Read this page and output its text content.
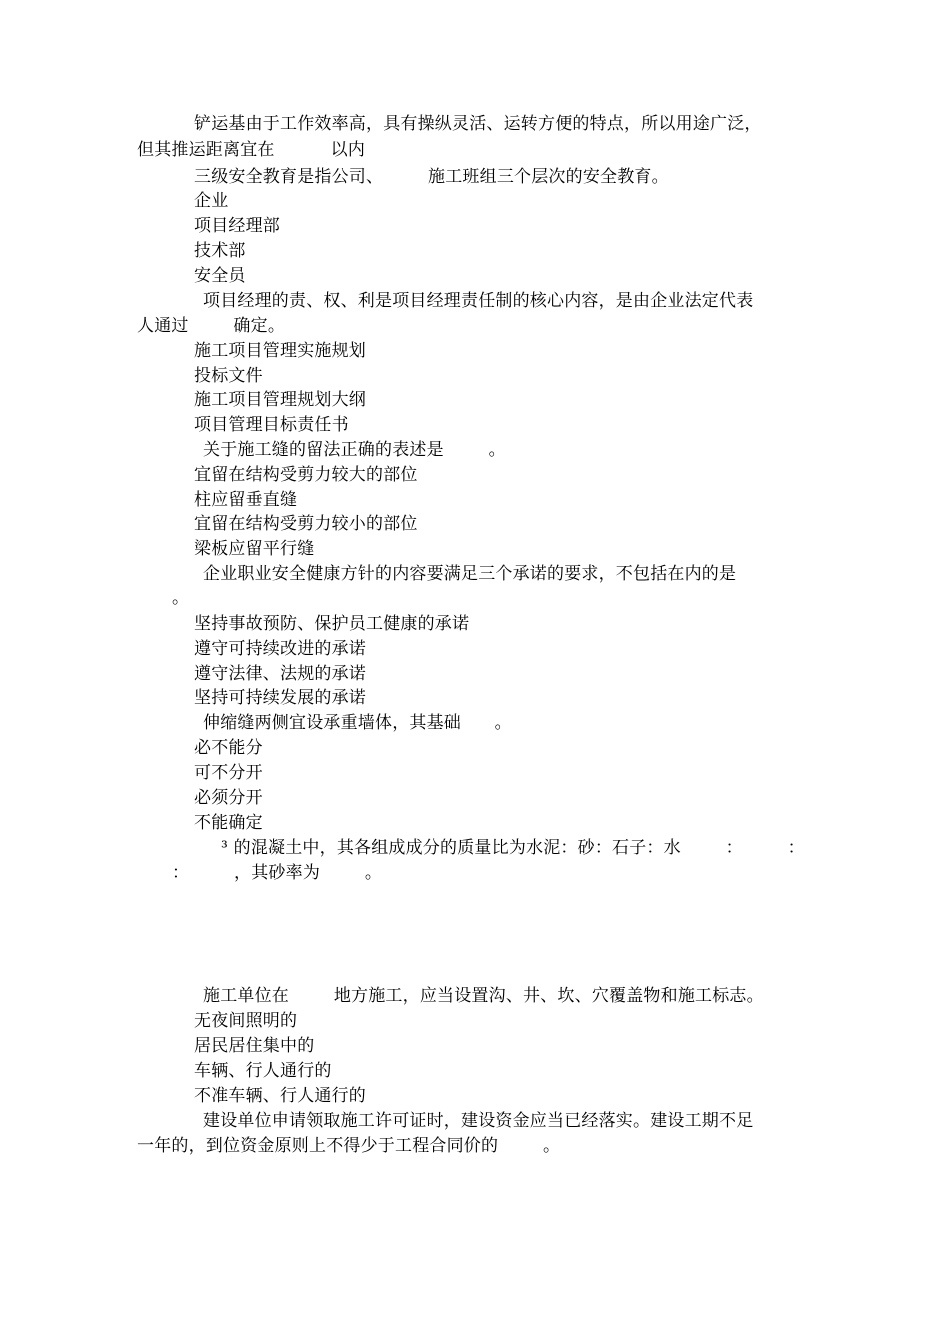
铲运基由于工作效率高，具有操纵灵活、运转方便的特点，所以用途广泛，
但其推运距离宜在          以内
三级安全教育是指公司、        施工班组三个层次的安全教育。
企业
项目经理部
技术部
安全员
项目经理的责、权、利是项目经理责任制的核心内容，是由企业法定代表
人通过        确定。
施工项目管理实施规划
投标文件
施工项目管理规划大纲
项目管理目标责任书
关于施工缝的留法正确的表述是        。
宜留在结构受剪力较大的部位
柱应留垂直缝
宜留在结构受剪力较小的部位
梁板应留平行缝
企业职业安全健康方针的内容要满足三个承诺的要求，不包括在内的是
。
坚持事故预防、保护员工健康的承诺
遵守可持续改进的承诺
遵守法律、法规的承诺
坚持可持续发展的承诺
伸缩缝两侧宜设承重墙体，其基础      。
必不能分
可不分开
必须分开
不能确定
³ 的混凝土中，其各组成成分的质量比为水泥：砂：石子：水        ：        ：
：        ，其砂率为        。
施工单位在        地方施工，应当设置沟、井、坎、穴覆盖物和施工标志。
无夜间照明的
居民居住集中的
车辆、行人通行的
不准车辆、行人通行的
建设单位申请领取施工许可证时，建设资金应当已经落实。建设工期不足
一年的，到位资金原则上不得少于工程合同价的        。
